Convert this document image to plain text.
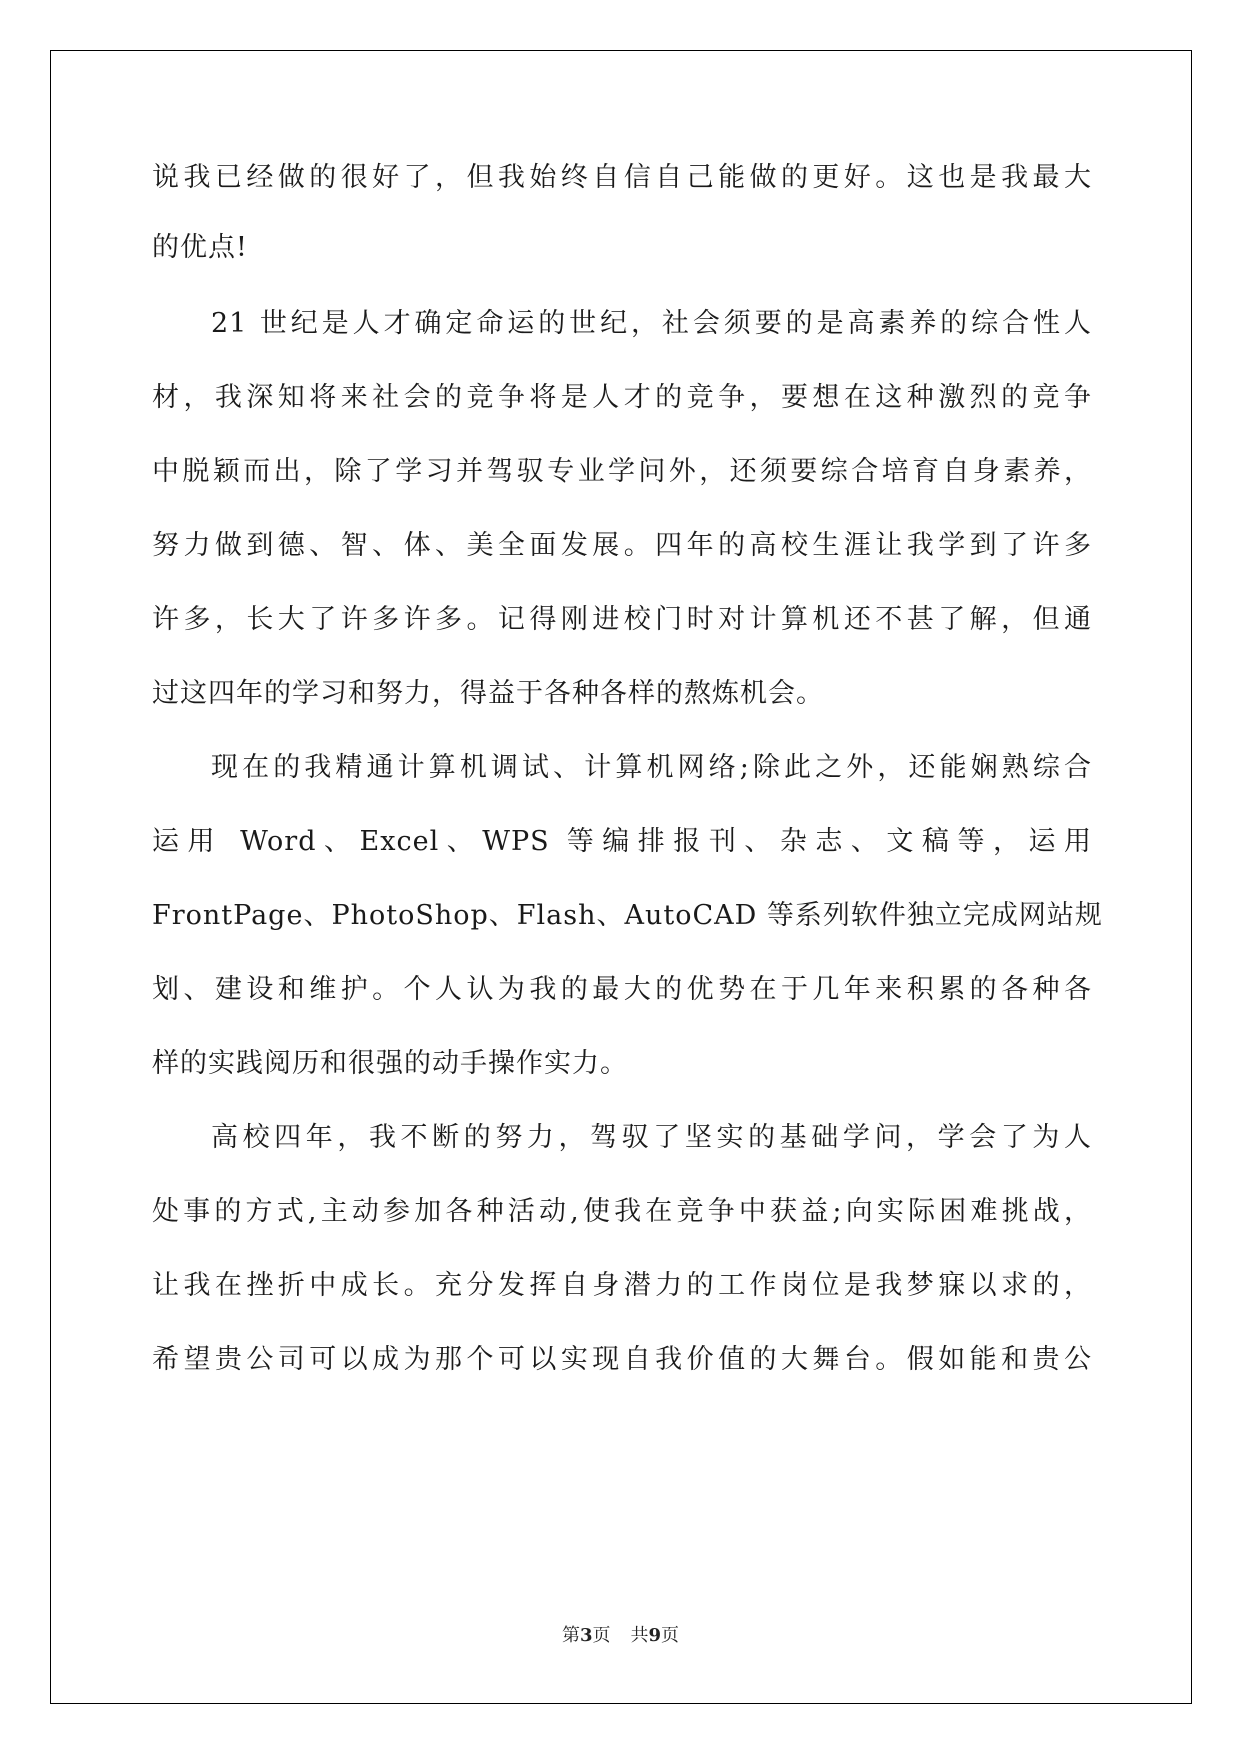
说我已经做的很好了，但我始终自信自己能做的更好。这也是我最大
的优点!
21 世纪是人才确定命运的世纪，社会须要的是高素养的综合性人
材，我深知将来社会的竞争将是人才的竞争，要想在这种激烈的竞争
中脱颖而出，除了学习并驾驭专业学问外，还须要综合培育自身素养，
努力做到德、智、体、美全面发展。四年的高校生涯让我学到了许多
许多，长大了许多许多。记得刚进校门时对计算机还不甚了解，但通
过这四年的学习和努力，得益于各种各样的熬炼机会。
现在的我精通计算机调试、计算机网络;除此之外，还能娴熟综合
运用 Word、Excel、WPS 等编排报刊、杂志、文稿等，运用
FrontPage、PhotoShop、Flash、AutoCAD 等系列软件独立完成网站规
划、建设和维护。个人认为我的最大的优势在于几年来积累的各种各
样的实践阅历和很强的动手操作实力。
高校四年，我不断的努力，驾驭了坚实的基础学问，学会了为人
处事的方式,主动参加各种活动,使我在竞争中获益;向实际困难挑战，
让我在挫折中成长。充分发挥自身潜力的工作岗位是我梦寐以求的，
希望贵公司可以成为那个可以实现自我价值的大舞台。假如能和贵公
第3页 共9页
